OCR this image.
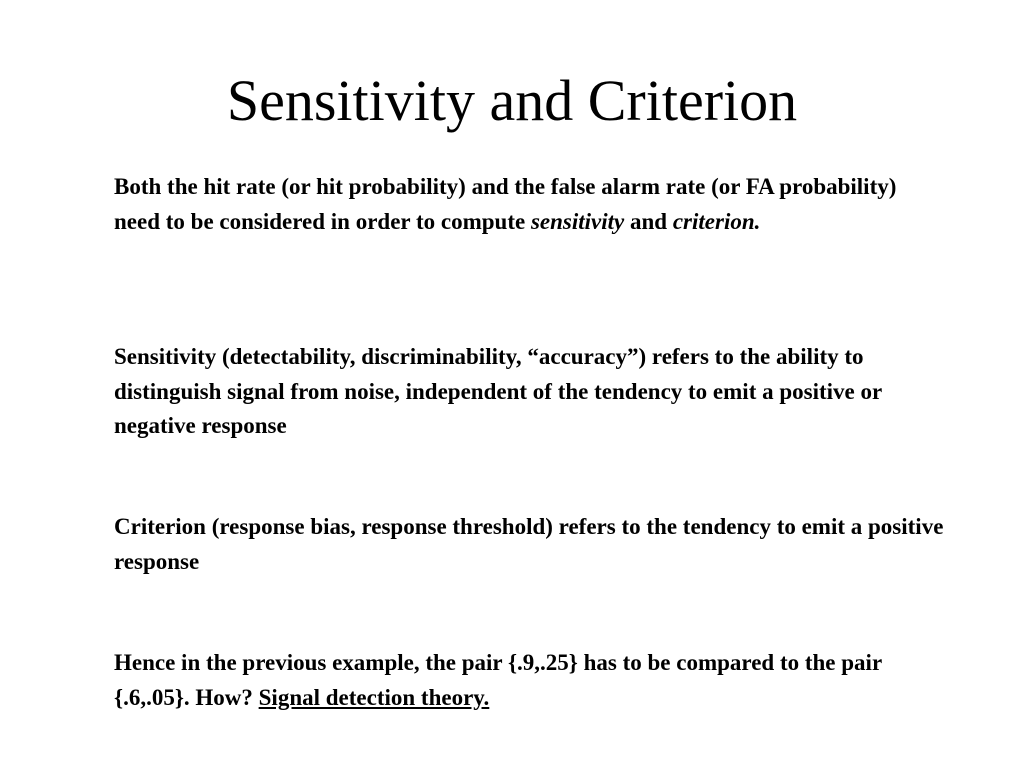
Sensitivity and Criterion

Both the hit rate (or hit probability) and the false alarm rate (or FA probability) need to be considered in order to compute sensitivity and criterion.

Sensitivity (detectability, discriminability, “accuracy”) refers to the ability to distinguish signal from noise, independent of the tendency to emit a positive or negative response

Criterion (response bias, response threshold) refers to the tendency to emit a positive response

Hence in the previous example, the pair {.9,.25} has to be compared to the pair {.6,.05}. How? Signal detection theory.
